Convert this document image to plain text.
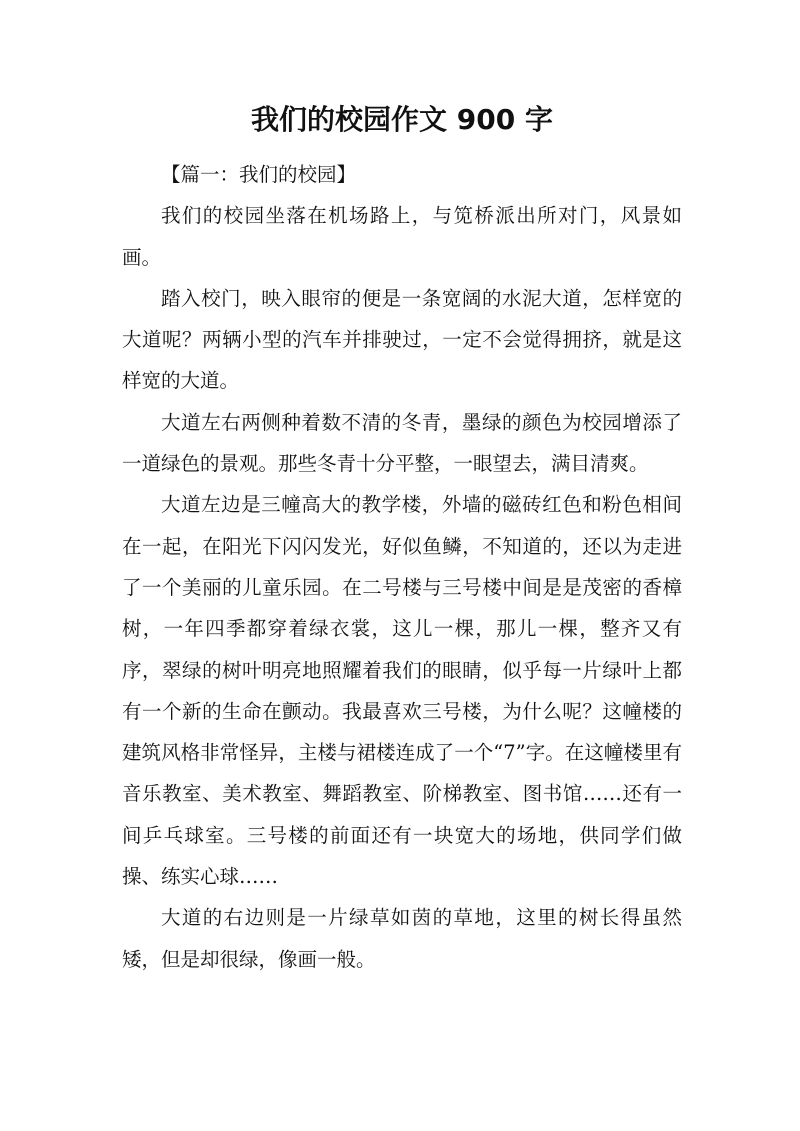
我们的校园作文 900 字

【篇一：我们的校园】

我们的校园坐落在机场路上，与笕桥派出所对门，风景如画。

踏入校门，映入眼帘的便是一条宽阔的水泥大道，怎样宽的大道呢？两辆小型的汽车并排驶过，一定不会觉得拥挤，就是这样宽的大道。

大道左右两侧种着数不清的冬青，墨绿的颜色为校园增添了一道绿色的景观。那些冬青十分平整，一眼望去，满目清爽。

大道左边是三幢高大的教学楼，外墙的磁砖红色和粉色相间在一起，在阳光下闪闪发光，好似鱼鳞，不知道的，还以为走进了一个美丽的儿童乐园。在二号楼与三号楼中间是是茂密的香樟树，一年四季都穿着绿衣裳，这儿一棵，那儿一棵，整齐又有序，翠绿的树叶明亮地照耀着我们的眼睛，似乎每一片绿叶上都有一个新的生命在颤动。我最喜欢三号楼，为什么呢？这幢楼的建筑风格非常怪异，主楼与裙楼连成了一个“7”字。在这幢楼里有音乐教室、美术教室、舞蹈教室、阶梯教室、图书馆……还有一间乒乓球室。三号楼的前面还有一块宽大的场地，供同学们做操、练实心球……

大道的右边则是一片绿草如茵的草地，这里的树长得虽然矮，但是却很绿，像画一般。
